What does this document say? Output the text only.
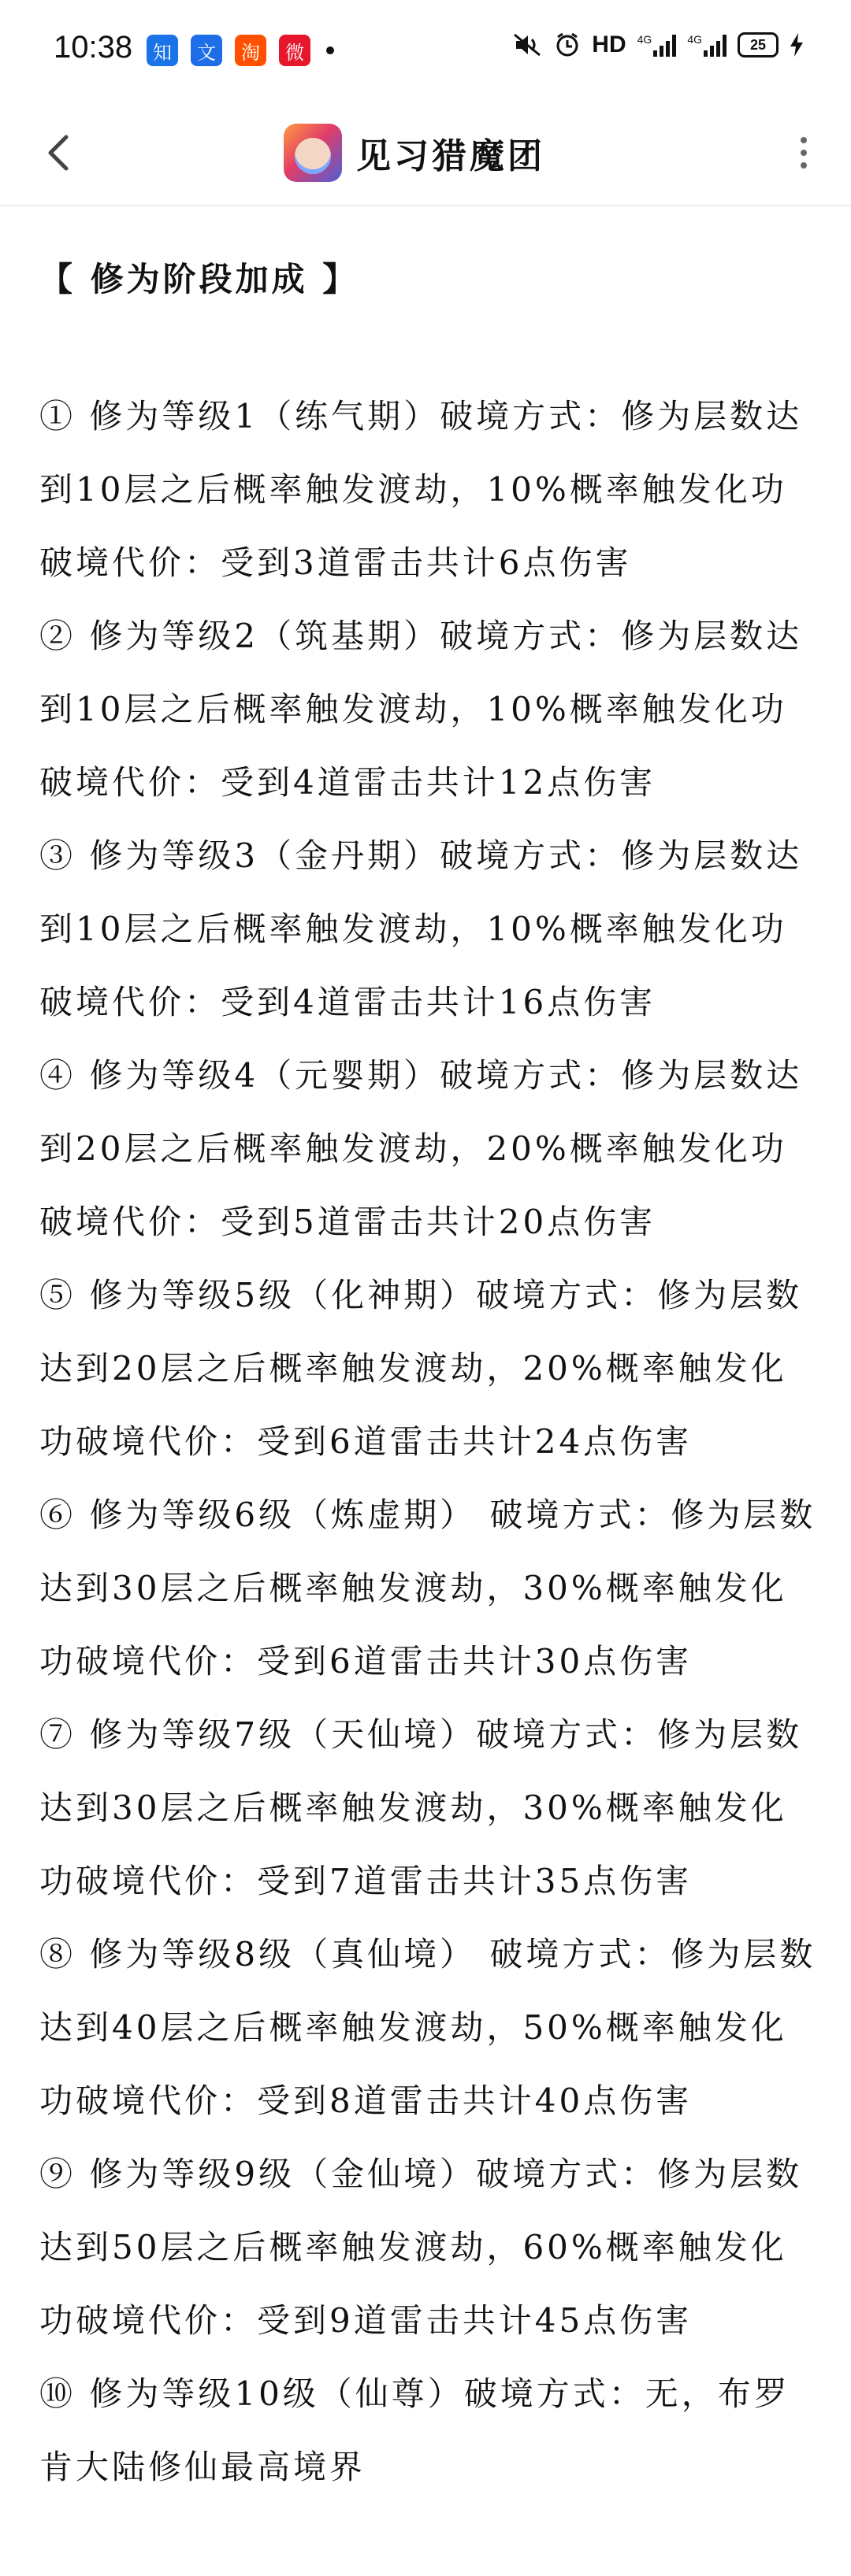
10:38	知	文	淘	微	HD 4G	4G	25
见习猎魔团
【 修为阶段加成 】
① 修为等级1（练气期）破境方式：修为层数达到10层之后概率触发渡劫，10%概率触发化功破境代价：受到3道雷击共计6点伤害
② 修为等级2（筑基期）破境方式：修为层数达到10层之后概率触发渡劫，10%概率触发化功破境代价：受到4道雷击共计12点伤害
③ 修为等级3（金丹期）破境方式：修为层数达到10层之后概率触发渡劫，10%概率触发化功破境代价：受到4道雷击共计16点伤害
④ 修为等级4（元婴期）破境方式：修为层数达到20层之后概率触发渡劫，20%概率触发化功破境代价：受到5道雷击共计20点伤害
⑤ 修为等级5级（化神期）破境方式：修为层数达到20层之后概率触发渡劫，20%概率触发化功破境代价：受到6道雷击共计24点伤害
⑥ 修为等级6级（炼虚期） 破境方式：修为层数达到30层之后概率触发渡劫，30%概率触发化功破境代价：受到6道雷击共计30点伤害
⑦ 修为等级7级（天仙境）破境方式：修为层数达到30层之后概率触发渡劫，30%概率触发化功破境代价：受到7道雷击共计35点伤害
⑧ 修为等级8级（真仙境） 破境方式：修为层数达到40层之后概率触发渡劫，50%概率触发化功破境代价：受到8道雷击共计40点伤害
⑨ 修为等级9级（金仙境）破境方式：修为层数达到50层之后概率触发渡劫，60%概率触发化功破境代价：受到9道雷击共计45点伤害
⑩ 修为等级10级（仙尊）破境方式：无，布罗肯大陆修仙最高境界
